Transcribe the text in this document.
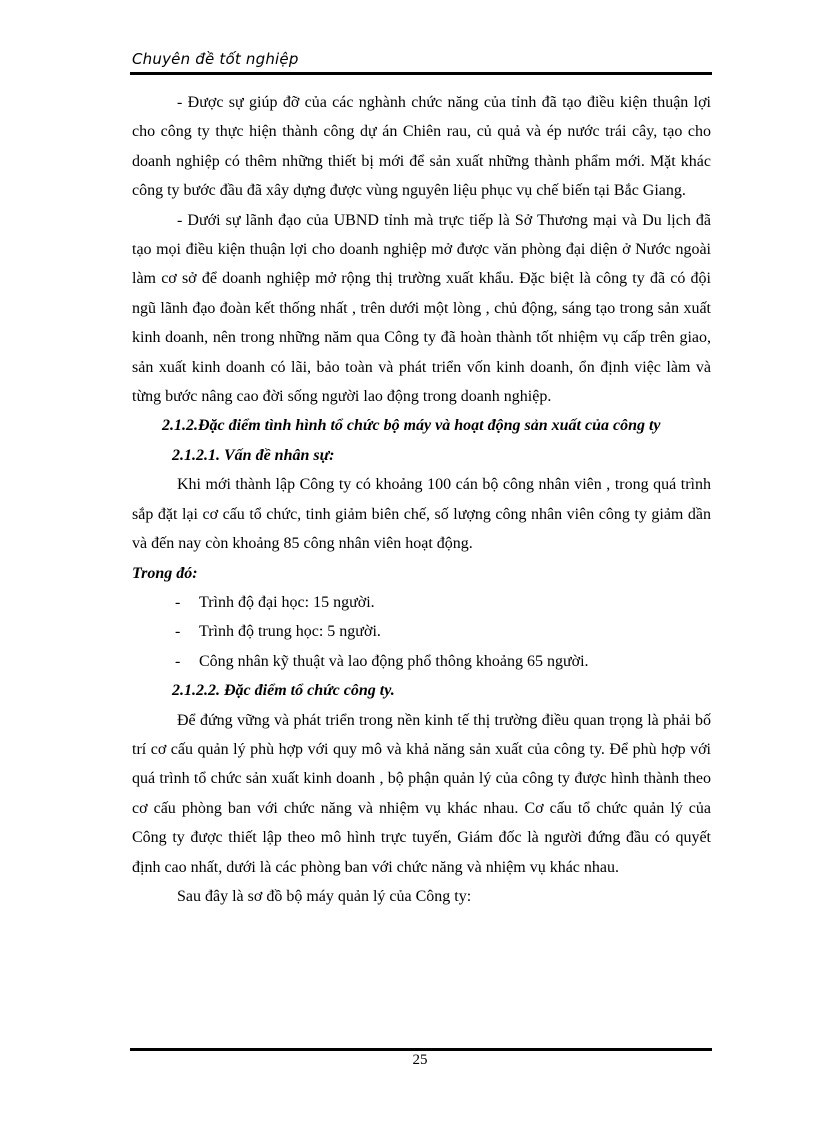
Chuyên đề tốt nghiệp

- Được sự giúp đỡ của các nghành chức năng của tỉnh đã tạo điều kiện thuận lợi cho công ty thực hiện thành công dự án Chiên rau, củ quả và ép nước trái cây, tạo cho doanh nghiệp có thêm những thiết bị mới để sản xuất những thành phẩm mới. Mặt khác công ty bước đầu đã xây dựng được vùng nguyên liệu phục vụ chế biến tại Bắc Giang.

- Dưới sự lãnh đạo của UBND tỉnh mà trực tiếp là Sở Thương mại và Du lịch đã tạo mọi điều kiện thuận lợi cho doanh nghiệp mở được văn phòng đại diện ở Nước ngoài làm cơ sở để doanh nghiệp mở rộng thị trường xuất khẩu. Đặc biệt là công ty đã có đội ngũ lãnh đạo đoàn kết thống nhất , trên dưới một lòng , chủ động, sáng tạo trong sản xuất kinh doanh, nên trong những năm qua Công ty đã hoàn thành tốt nhiệm vụ cấp trên giao, sản xuất kinh doanh có lãi, bảo toàn và phát triển vốn kinh doanh, ổn định việc làm và từng bước nâng cao đời sống người lao động trong doanh nghiệp.

2.1.2.Đặc điểm tình hình tổ chức bộ máy và hoạt động sản xuất của công ty

2.1.2.1. Vấn đề nhân sự:

Khi mới thành lập Công ty có khoảng 100 cán bộ công nhân viên , trong quá trình sắp đặt lại cơ cấu tổ chức, tinh giảm biên chế, số lượng công nhân viên công ty giảm dần và đến nay còn khoảng 85 công nhân viên hoạt động.

Trong đó:

- Trình độ đại học: 15 người.
- Trình độ trung học: 5 người.
- Công nhân kỹ thuật và lao động phổ thông khoảng 65 người.

2.1.2.2. Đặc điểm tổ chức công ty.

Để đứng vững và phát triển trong nền kinh tế thị trường điều quan trọng là phải bố trí cơ cấu quản lý phù hợp với quy mô và khả năng sản xuất của công ty. Để phù hợp với quá trình tổ chức sản xuất kinh doanh , bộ phận quản lý của công ty được hình thành theo cơ cấu phòng ban với chức năng và nhiệm vụ khác nhau. Cơ cấu tổ chức quản lý của Công ty được thiết lập theo mô hình trực tuyến, Giám đốc là người đứng đầu có quyết định cao nhất, dưới là các phòng ban với chức năng và nhiệm vụ khác nhau.

Sau đây là sơ đồ bộ máy quản lý của Công ty:

25
